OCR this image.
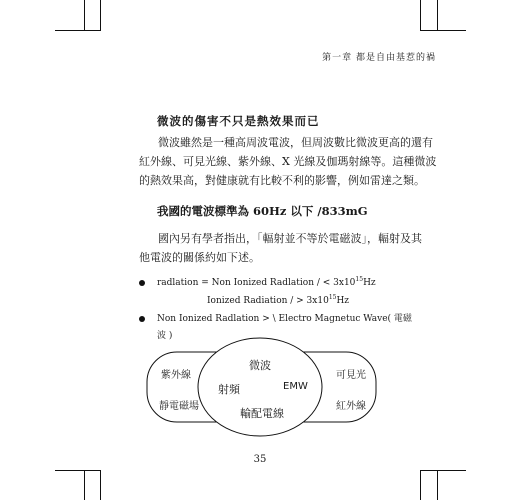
第一章 都是自由基惹的禍
微波的傷害不只是熱效果而已
微波雖然是一種高周波電波，但周波數比微波更高的還有
紅外線、可見光線、紫外線、X 光線及伽瑪射線等。這種微波
的熱效果高，對健康就有比較不利的影響，例如雷達之類。
我國的電波標準為 60Hz 以下 /833mG
國內另有學者指出，「輻射並不等於電磁波」，輻射及其
他電波的關係約如下述。
radlation = Non Ionized Radlation / < $3x10^{15}Hz$
Ionized Radiation / > $3x10^{15}Hz$
Non Ionized Radlation > \ Electro Magnetuc Wave( 電磁
波 )
紫外線
靜電磁場
可見光
紅外線
微波
射頻	EMW
輸配電線
35
